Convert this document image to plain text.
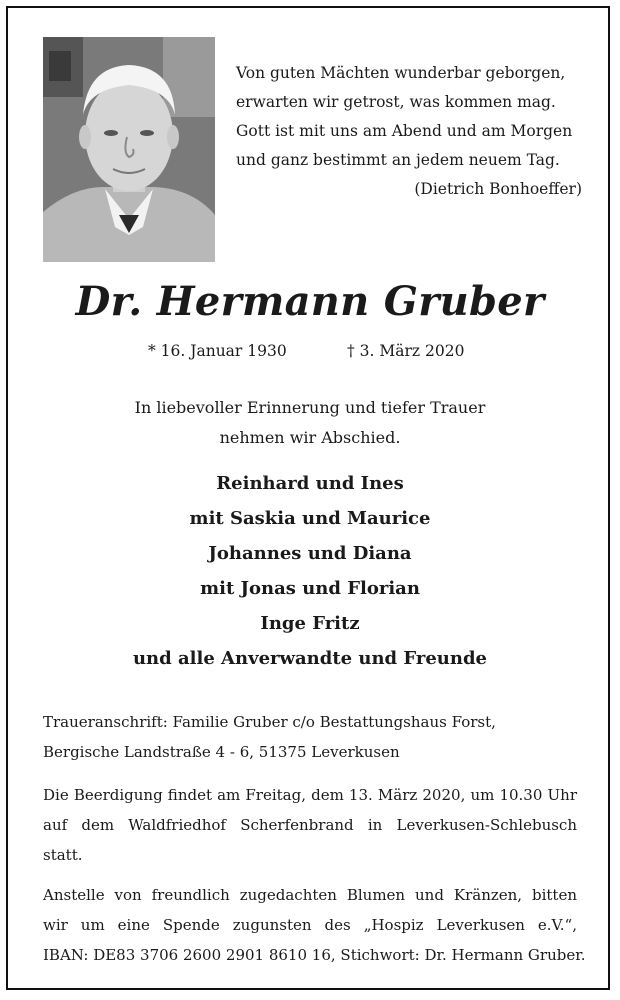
Von guten Mächten wunderbar geborgen,
erwarten wir getrost, was kommen mag.
Gott ist mit uns am Abend und am Morgen
und ganz bestimmt an jedem neuem Tag.
(Dietrich Bonhoeffer)
Dr. Hermann Gruber
* 16. Januar 1930	† 3. März 2020
In liebevoller Erinnerung und tiefer Trauer
nehmen wir Abschied.
Reinhard und Ines
mit Saskia und Maurice
Johannes und Diana
mit Jonas und Florian
Inge Fritz
und alle Anverwandte und Freunde
Traueranschrift: Familie Gruber c/o Bestattungshaus Forst,
Bergische Landstraße 4 - 6, 51375 Leverkusen
Die Beerdigung findet am Freitag, dem 13. März 2020, um 10.30 Uhr
auf dem Waldfriedhof Scherfenbrand in Leverkusen-Schlebusch
statt.
Anstelle von freundlich zugedachten Blumen und Kränzen, bitten
wir um eine Spende zugunsten des „Hospiz Leverkusen e.V.“,
IBAN: DE83 3706 2600 2901 8610 16, Stichwort: Dr. Hermann Gruber.
